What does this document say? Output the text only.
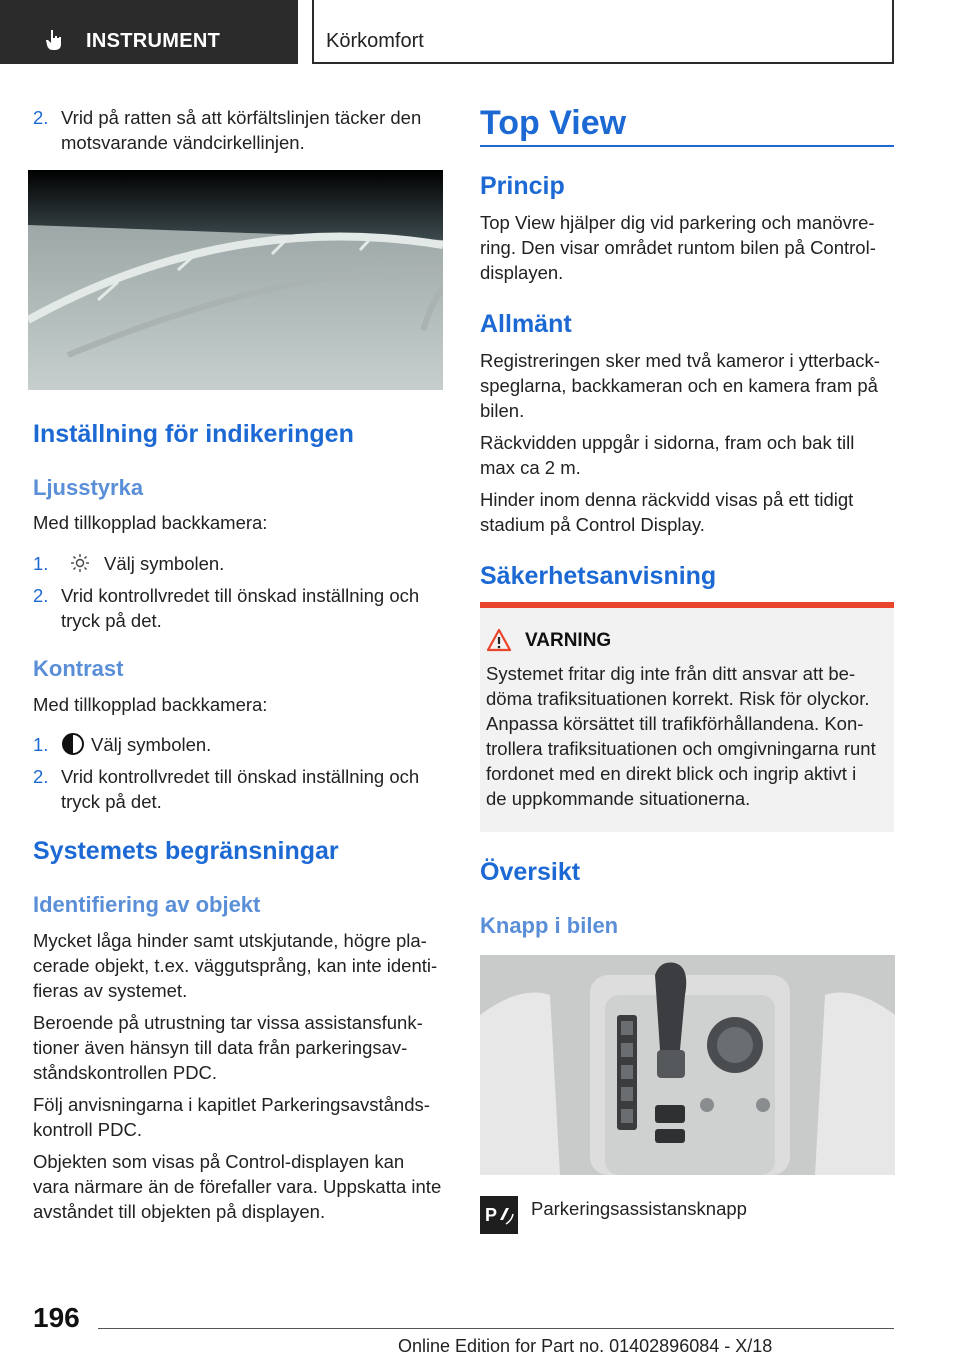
INSTRUMENT	Körkomfort
2. Vrid på ratten så att körfältslinjen täcker den
motsvarande vändcirkellinjen.
Inställning för indikeringen
Ljusstyrka
Med tillkopplad backkamera:
1.	Välj symbolen.
2. Vrid kontrollvredet till önskad inställning och
tryck på det.
Kontrast
Med tillkopplad backkamera:
1. Välj symbolen.
2. Vrid kontrollvredet till önskad inställning och
tryck på det.
Systemets begränsningar
Identifiering av objekt
Mycket låga hinder samt utskjutande, högre pla-
cerade objekt, t.ex. väggutsprång, kan inte identi-
fieras av systemet.
Beroende på utrustning tar vissa assistansfunk-
tioner även hänsyn till data från parkeringsav-
ståndskontrollen PDC.
Följ anvisningarna i kapitlet Parkeringsavstånds-
kontroll PDC.
Objekten som visas på Control-displayen kan
vara närmare än de förefaller vara. Uppskatta inte
avståndet till objekten på displayen.
Top View
Princip
Top View hjälper dig vid parkering och manövre-
ring. Den visar området runtom bilen på Control-
displayen.
Allmänt
Registreringen sker med två kameror i ytterback-
speglarna, backkameran och en kamera fram på
bilen.
Räckvidden uppgår i sidorna, fram och bak till
max ca 2 m.
Hinder inom denna räckvidd visas på ett tidigt
stadium på Control Display.
Säkerhetsanvisning
VARNING
Systemet fritar dig inte från ditt ansvar att be-
döma trafiksituationen korrekt. Risk för olyckor.
Anpassa körsättet till trafikförhållandena. Kon-
trollera trafiksituationen och omgivningarna runt
fordonet med en direkt blick och ingrip aktivt i
de uppkommande situationerna.
Översikt
Knapp i bilen
P Parkeringsassistansknapp
196
Online Edition for Part no. 01402896084 - X/18
